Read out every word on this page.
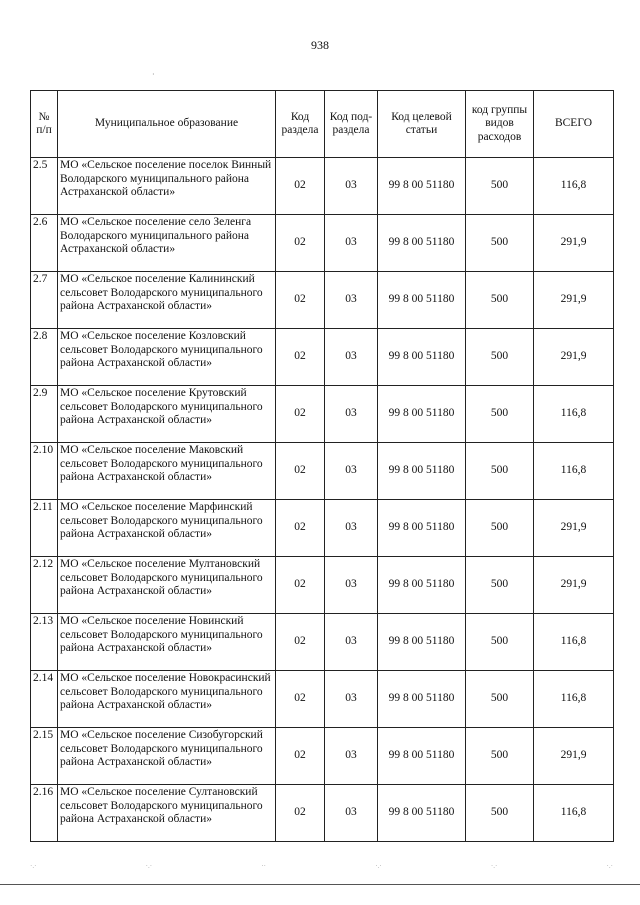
938
·
№ п/п	Муниципальное образование	Код раздела	Код под-раздела	Код целевой статьи	код группы видов расходов	ВСЕГО
2.5	МО «Сельское поселение поселок Винный Володарского муниципального района Астраханской области»	02	03	99 8 00 51180	500	116,8
2.6	МО «Сельское поселение село Зеленга Володарского муниципального района Астраханской области»	02	03	99 8 00 51180	500	291,9
2.7	МО «Сельское поселение Калининский сельсовет Володарского муниципального района Астраханской области»	02	03	99 8 00 51180	500	291,9
2.8	МО «Сельское поселение Козловский сельсовет Володарского муниципального района Астраханской области»	02	03	99 8 00 51180	500	291,9
2.9	МО «Сельское поселение Крутовский сельсовет Володарского муниципального района Астраханской области»	02	03	99 8 00 51180	500	116,8
2.10	МО «Сельское поселение Маковский сельсовет Володарского муниципального района Астраханской области»	02	03	99 8 00 51180	500	116,8
2.11	МО «Сельское поселение Марфинский сельсовет Володарского муниципального района Астраханской области»	02	03	99 8 00 51180	500	291,9
2.12	МО «Сельское поселение Мултановский сельсовет Володарского муниципального района Астраханской области»	02	03	99 8 00 51180	500	291,9
2.13	МО «Сельское поселение Новинский сельсовет Володарского муниципального района Астраханской области»	02	03	99 8 00 51180	500	116,8
2.14	МО «Сельское поселение Новокрасинский сельсовет Володарского муниципального района Астраханской области»	02	03	99 8 00 51180	500	116,8
2.15	МО «Сельское поселение Сизобугорский сельсовет Володарского муниципального района Астраханской области»	02	03	99 8 00 51180	500	291,9
2.16	МО «Сельское поселение Султановский сельсовет Володарского муниципального района Астраханской области»	02	03	99 8 00 51180	500	116,8
·.·	·.·	··	·.·	·.·	·.·
